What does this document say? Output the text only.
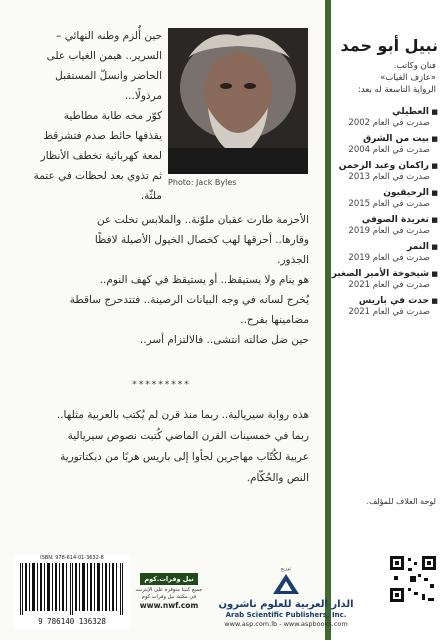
نبيل أبو حمد
فنان وكاتب.
«عازف الغياب»
الرواية التاسعة له بعد:
■ العطيلي
صدرت في العام 2002
■ بيت من الشرق
صدرت في العام 2004
■ راكمان وعبد الرحمن
صدرت في العام 2013
■ الرحيقيون
صدرت في العام 2015
■ تغريدة الصوفي
صدرت في العام 2019
■ النمر
صدرت في العام 2019
■ شيخوخة الأمير الصغير
صدرت في العام 2021
■ حدث في باريس
صدرت في العام 2021
لوحة الغلاف للمؤلف.
Photo: Jack Byles

حين أُلزم وطنه النهائي –

السرير.. هيمن الغياب على

الحاضر وانسلّ المستقبل

مرذولًا...

كوّر مخه طابة مطاطية

يقذفها حائط صدم فتشرقط

لمعة كهربائية تخطف الأنظار

ثم تذوي بعد لحظات في عتمة

ملثّة.

الأحزمة طارت عقبان ملوّنة.. والملابس تخلت عن

وقارها.. أحرقها لهب كخصال الخيول الأصيلة لافظًا

الجذور.

هو ينام ولا يستيقظ.. أو يستيقظ في كهف النوم..

يُخرج لسانه في وجه البيانات الرصينة.. فتتدحرج ساقطة

مضامينها بفرح..

حين ضل ضالته انتشى.. فالالتزام أسر..

*********

هذه رواية سيريالية.. ربما منذ قرن لم يُكتب بالعربية مثلها..

ربما في خمسينات القرن الماضي كُتبت نصوص سيريالية

عربية لكُتّاب مهاجرين لجأوا إلى باريس هربًا من ديكتاتورية

النص والحُكّام.

ISBN: 978-614-01-3632-8
9 786140 136328
نيل وفرات.كوم
جميع كتبنا متوفرة على الإنترنت في مكتبة نيل وفرات.كوم
www.nwf.com
توزيع
الدار العربية للعلوم ناشرون
Arab Scientific Publishers, Inc.
www.asp.com.lb - www.aspbooks.com
